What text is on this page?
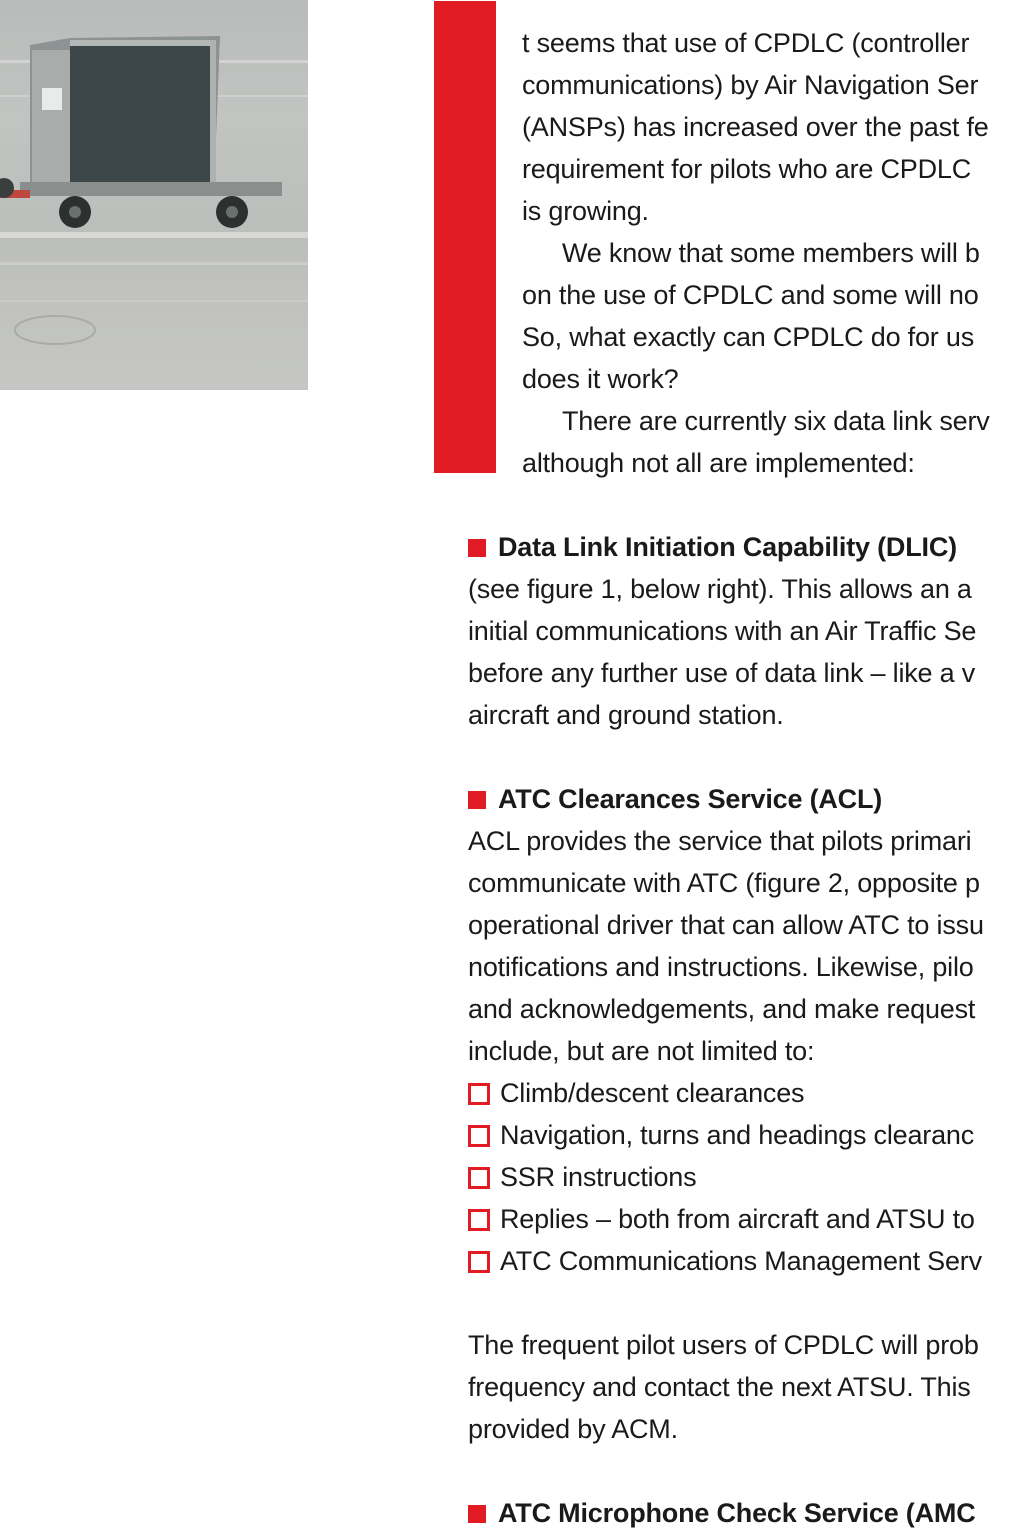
t seems that use of CPDLC (controller

communications) by Air Navigation Ser

(ANSPs) has increased over the past fe

requirement for pilots who are CPDLC

is growing.

We know that some members will b

on the use of CPDLC and some will no

So, what exactly can CPDLC do for us

does it work?

There are currently six data link serv

although not all are implemented:

Data Link Initiation Capability (DLIC)

(see figure 1, below right). This allows an a

initial communications with an Air Traffic Se

before any further use of data link – like a v

aircraft and ground station.

ATC Clearances Service (ACL)

ACL provides the service that pilots primari

communicate with ATC (figure 2, opposite p

operational driver that can allow ATC to issu

notifications and instructions. Likewise, pilo

and acknowledgements, and make request

include, but are not limited to:

Climb/descent clearances

Navigation, turns and headings clearanc

SSR instructions

Replies – both from aircraft and ATSU to

ATC Communications Management Serv

The frequent pilot users of CPDLC will prob

frequency and contact the next ATSU. This

provided by ACM.

ATC Microphone Check Service (AMC
